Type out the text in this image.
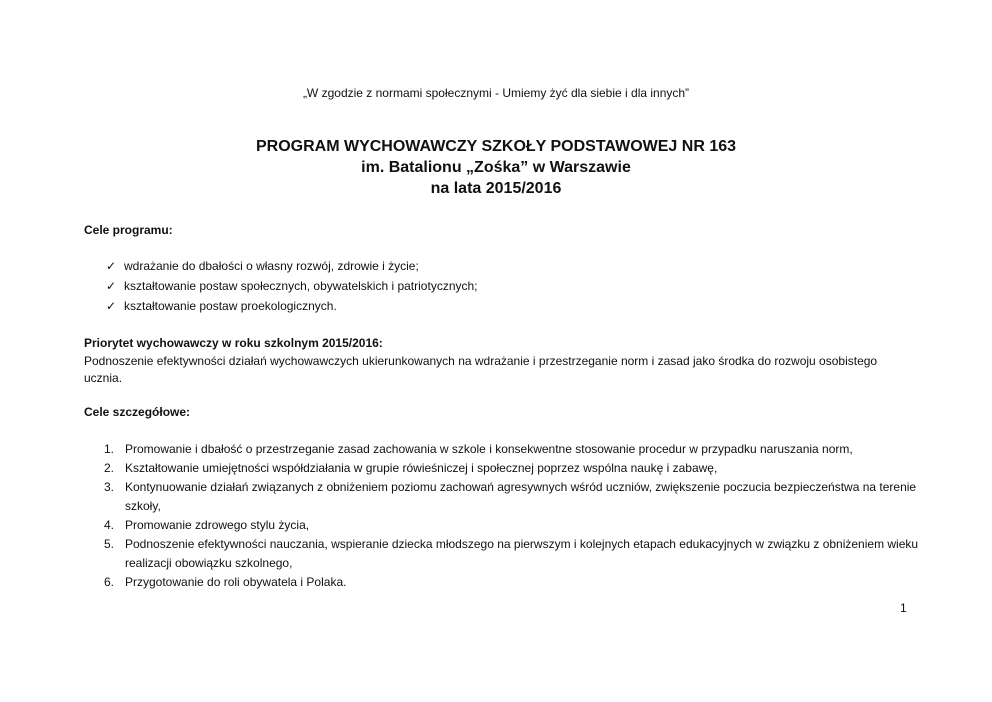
„W zgodzie z normami społecznymi - Umiemy żyć dla siebie i dla innych”
PROGRAM WYCHOWAWCZY SZKOŁY PODSTAWOWEJ NR 163
im. Batalionu „Zośka” w Warszawie
na lata 2015/2016
Cele programu:
✓ wdrażanie do dbałości o własny rozwój, zdrowie i życie;
✓ kształtowanie postaw społecznych, obywatelskich i patriotycznych;
✓ kształtowanie postaw proekologicznych.
Priorytet wychowawczy w roku szkolnym 2015/2016:
Podnoszenie efektywności działań wychowawczych ukierunkowanych na wdrażanie i przestrzeganie norm i zasad jako środka do rozwoju osobistego ucznia.
Cele szczegółowe:
1. Promowanie i dbałość o przestrzeganie zasad zachowania w szkole i konsekwentne stosowanie procedur w przypadku naruszania norm,
2. Kształtowanie umiejętności współdziałania w grupie rówieśniczej i społecznej poprzez wspólna naukę i zabawę,
3. Kontynuowanie działań związanych z obniżeniem poziomu zachowań agresywnych wśród uczniów, zwiększenie poczucia bezpieczeństwa na terenie szkoły,
4. Promowanie zdrowego stylu życia,
5. Podnoszenie efektywności nauczania, wspieranie dziecka młodszego na pierwszym i kolejnych etapach edukacyjnych w związku z obniżeniem wieku realizacji obowiązku szkolnego,
6. Przygotowanie do roli obywatela i Polaka.
1
